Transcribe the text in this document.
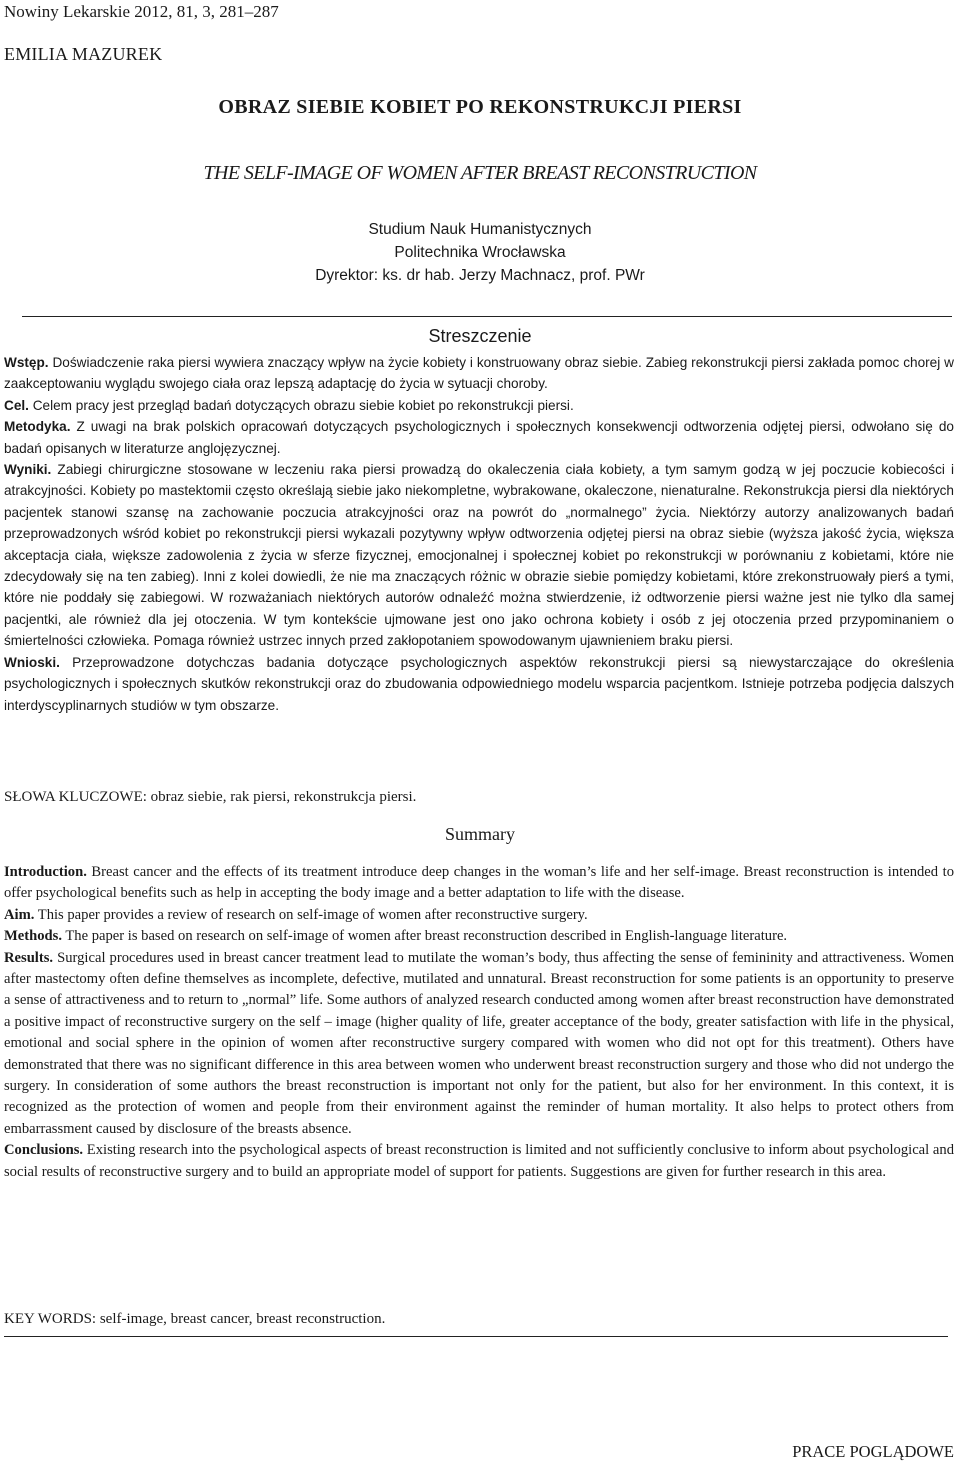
Nowiny Lekarskie 2012, 81, 3, 281–287
EMILIA MAZUREK
OBRAZ SIEBIE KOBIET PO REKONSTRUKCJI PIERSI
THE SELF-IMAGE OF WOMEN AFTER BREAST RECONSTRUCTION
Studium Nauk Humanistycznych
Politechnika Wrocławska
Dyrektor: ks. dr hab. Jerzy Machnacz, prof. PWr
Streszczenie

Wstęp. Doświadczenie raka piersi wywiera znaczący wpływ na życie kobiety i konstruowany obraz siebie. Zabieg rekonstrukcji piersi zakłada pomoc chorej w zaakceptowaniu wyglądu swojego ciała oraz lepszą adaptację do życia w sytuacji choroby.

Cel. Celem pracy jest przegląd badań dotyczących obrazu siebie kobiet po rekonstrukcji piersi.

Metodyka. Z uwagi na brak polskich opracowań dotyczących psychologicznych i społecznych konsekwencji odtworzenia odjętej piersi, odwołano się do badań opisanych w literaturze anglojęzycznej.

Wyniki. Zabiegi chirurgiczne stosowane w leczeniu raka piersi prowadzą do okaleczenia ciała kobiety, a tym samym godzą w jej poczucie kobiecości i atrakcyjności. Kobiety po mastektomii często określają siebie jako niekompletne, wybrakowane, okaleczone, nienaturalne. Rekonstrukcja piersi dla niektórych pacjentek stanowi szansę na zachowanie poczucia atrakcyjności oraz na powrót do „normalnego” życia. Niektórzy autorzy analizowanych badań przeprowadzonych wśród kobiet po rekonstrukcji piersi wykazali pozytywny wpływ odtworzenia odjętej piersi na obraz siebie (wyższa jakość życia, większa akceptacja ciała, większe zadowolenia z życia w sferze fizycznej, emocjonalnej i społecznej kobiet po rekonstrukcji w porównaniu z kobietami, które nie zdecydowały się na ten zabieg). Inni z kolei dowiedli, że nie ma znaczących różnic w obrazie siebie pomiędzy kobietami, które zrekonstruowały pierś a tymi, które nie poddały się zabiegowi. W rozważaniach niektórych autorów odnaleźć można stwierdzenie, iż odtworzenie piersi ważne jest nie tylko dla samej pacjentki, ale również dla jej otoczenia. W tym kontekście ujmowane jest ono jako ochrona kobiety i osób z jej otoczenia przed przypominaniem o śmiertelności człowieka. Pomaga również ustrzec innych przed zakłopotaniem spowodowanym ujawnieniem braku piersi.

Wnioski. Przeprowadzone dotychczas badania dotyczące psychologicznych aspektów rekonstrukcji piersi są niewystarczające do określenia psychologicznych i społecznych skutków rekonstrukcji oraz do zbudowania odpowiedniego modelu wsparcia pacjentkom. Istnieje potrzeba podjęcia dalszych interdyscyplinarnych studiów w tym obszarze.

SŁOWA KLUCZOWE: obraz siebie, rak piersi, rekonstrukcja piersi.
Summary

Introduction. Breast cancer and the effects of its treatment introduce deep changes in the woman’s life and her self-image. Breast reconstruction is intended to offer psychological benefits such as help in accepting the body image and a better adaptation to life with the disease.

Aim. This paper provides a review of research on self-image of women after reconstructive surgery.

Methods. The paper is based on research on self-image of women after breast reconstruction described in English-language literature.

Results. Surgical procedures used in breast cancer treatment lead to mutilate the woman’s body, thus affecting the sense of femininity and attractiveness. Women after mastectomy often define themselves as incomplete, defective, mutilated and unnatural. Breast reconstruction for some patients is an opportunity to preserve a sense of attractiveness and to return to „normal” life. Some authors of analyzed research conducted among women after breast reconstruction have demonstrated a positive impact of reconstructive surgery on the self – image (higher quality of life, greater acceptance of the body, greater satisfaction with life in the physical, emotional and social sphere in the opinion of women after reconstructive surgery compared with women who did not opt for this treatment). Others have demonstrated that there was no significant difference in this area between women who underwent breast reconstruction surgery and those who did not undergo the surgery. In consideration of some authors the breast reconstruction is important not only for the patient, but also for her environment. In this context, it is recognized as the protection of women and people from their environment against the reminder of human mortality. It also helps to protect others from embarrassment caused by disclosure of the breasts absence.

Conclusions. Existing research into the psychological aspects of breast reconstruction is limited and not sufficiently conclusive to inform about psychological and social results of reconstructive surgery and to build an appropriate model of support for patients. Suggestions are given for further research in this area.

KEY WORDS: self-image, breast cancer, breast reconstruction.
PRACE POGLĄDOWE
